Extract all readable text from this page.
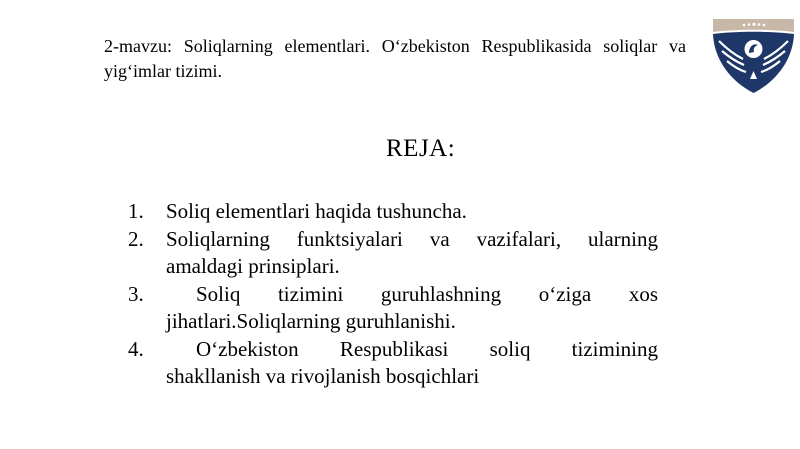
2-mavzu: Soliqlarning elementlari. O‘zbekiston Respublikasida soliqlar va yig‘imlar tizimi.
REJA:
1. Soliq elementlari haqida tushuncha.
2. Soliqlarning funktsiyalari va vazifalari, ularning
amaldagi prinsiplari.
3.	Soliq tizimini guruhlashning o‘ziga xos
jihatlari.Soliqlarning guruhlanishi.
4.	O‘zbekiston Respublikasi soliq tizimining
shakllanish va rivojlanish bosqichlari
